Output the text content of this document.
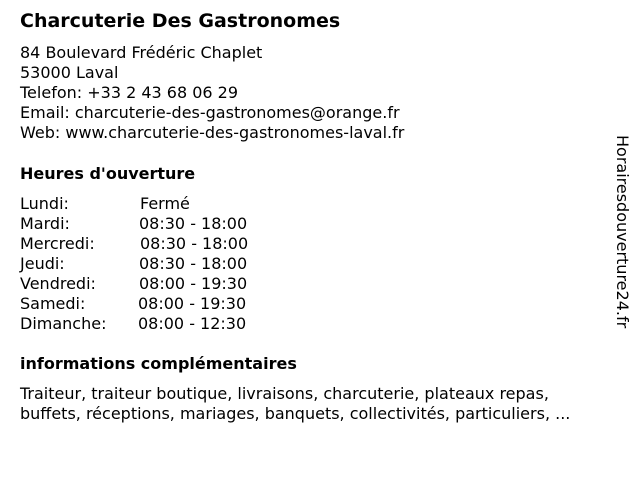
Charcuterie Des Gastronomes
84 Boulevard Frédéric Chaplet
53000 Laval
Telefon: +33 2 43 68 06 29
Email: charcuterie-des-gastronomes@orange.fr
Web: www.charcuterie-des-gastronomes-laval.fr
Heures d'ouverture
Lundi:	Fermé
Mardi:	08:30 - 18:00
Mercredi:	08:30 - 18:00
Jeudi:	08:30 - 18:00
Vendredi:	08:00 - 19:30
Samedi:	08:00 - 19:30
Dimanche: 08:00 - 12:30
informations complémentaires
Traiteur, traiteur boutique, livraisons, charcuterie, plateaux repas,
buffets, réceptions, mariages, banquets, collectivités, particuliers, ...
Horairesdouverture24.fr
